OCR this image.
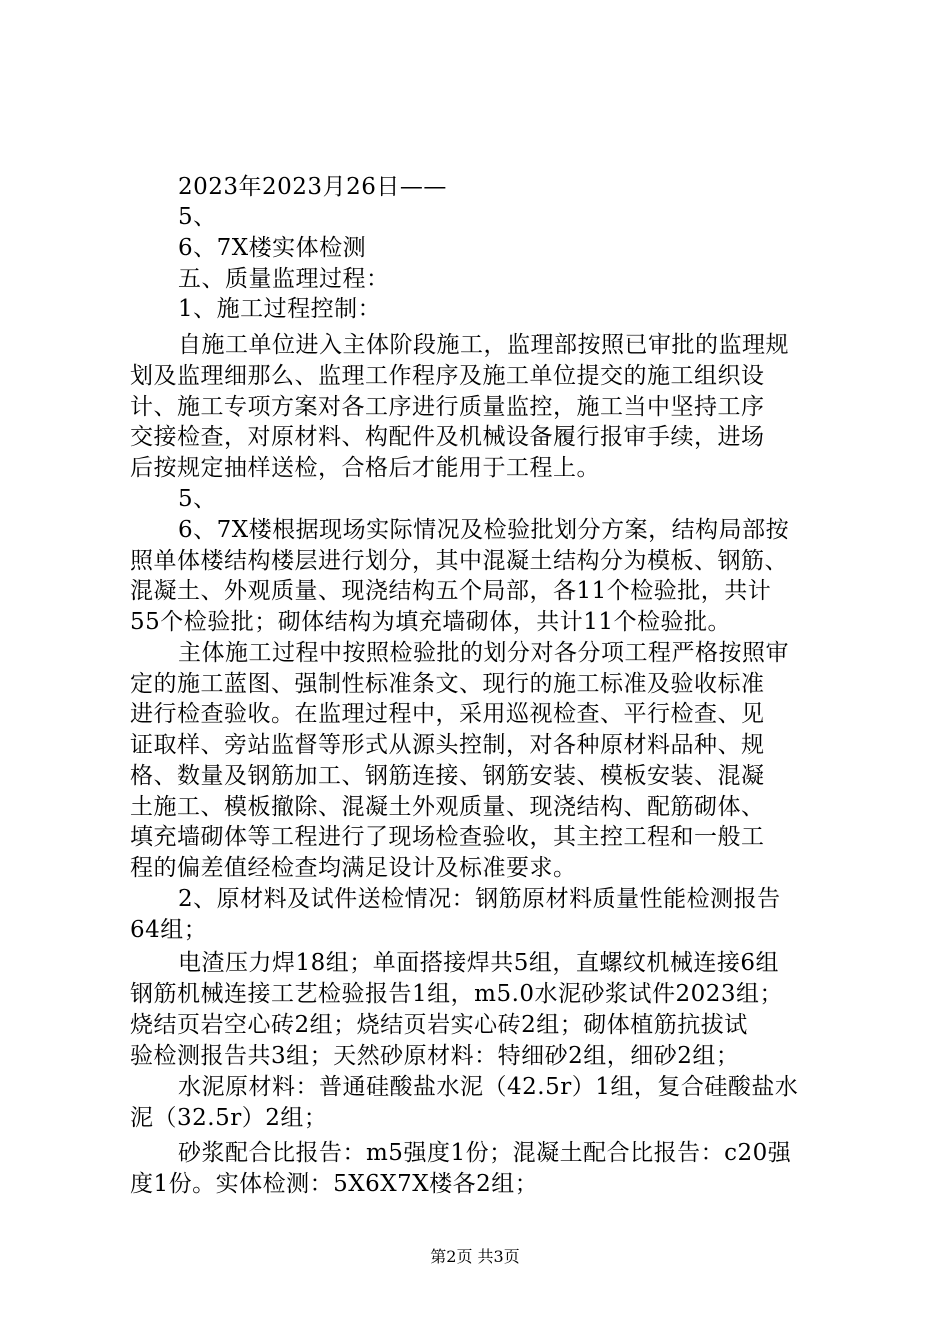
2023年2023月26日——
5、
6、7X楼实体检测
五、质量监理过程：
1、施工过程控制：
自施工单位进入主体阶段施工，监理部按照已审批的监理规
划及监理细那么、监理工作程序及施工单位提交的施工组织设
计、施工专项方案对各工序进行质量监控，施工当中坚持工序
交接检查，对原材料、构配件及机械设备履行报审手续，进场
后按规定抽样送检，合格后才能用于工程上。
5、
6、7X楼根据现场实际情况及检验批划分方案，结构局部按
照单体楼结构楼层进行划分，其中混凝土结构分为模板、钢筋、
混凝土、外观质量、现浇结构五个局部，各11个检验批，共计
55个检验批；砌体结构为填充墙砌体，共计11个检验批。
主体施工过程中按照检验批的划分对各分项工程严格按照审
定的施工蓝图、强制性标准条文、现行的施工标准及验收标准
进行检查验收。在监理过程中，采用巡视检查、平行检查、见
证取样、旁站监督等形式从源头控制，对各种原材料品种、规
格、数量及钢筋加工、钢筋连接、钢筋安装、模板安装、混凝
土施工、模板撤除、混凝土外观质量、现浇结构、配筋砌体、
填充墙砌体等工程进行了现场检查验收，其主控工程和一般工
程的偏差值经检查均满足设计及标准要求。
2、原材料及试件送检情况：钢筋原材料质量性能检测报告
64组；
电渣压力焊18组；单面搭接焊共5组，直螺纹机械连接6组
钢筋机械连接工艺检验报告1组，m5.0水泥砂浆试件2023组；
烧结页岩空心砖2组；烧结页岩实心砖2组；砌体植筋抗拔试
验检测报告共3组；天然砂原材料：特细砂2组，细砂2组；
水泥原材料：普通硅酸盐水泥（42.5r）1组，复合硅酸盐水
泥（32.5r）2组；
砂浆配合比报告：m5强度1份；混凝土配合比报告：c20强
度1份。实体检测：5X6X7X楼各2组；
第2页 共3页
